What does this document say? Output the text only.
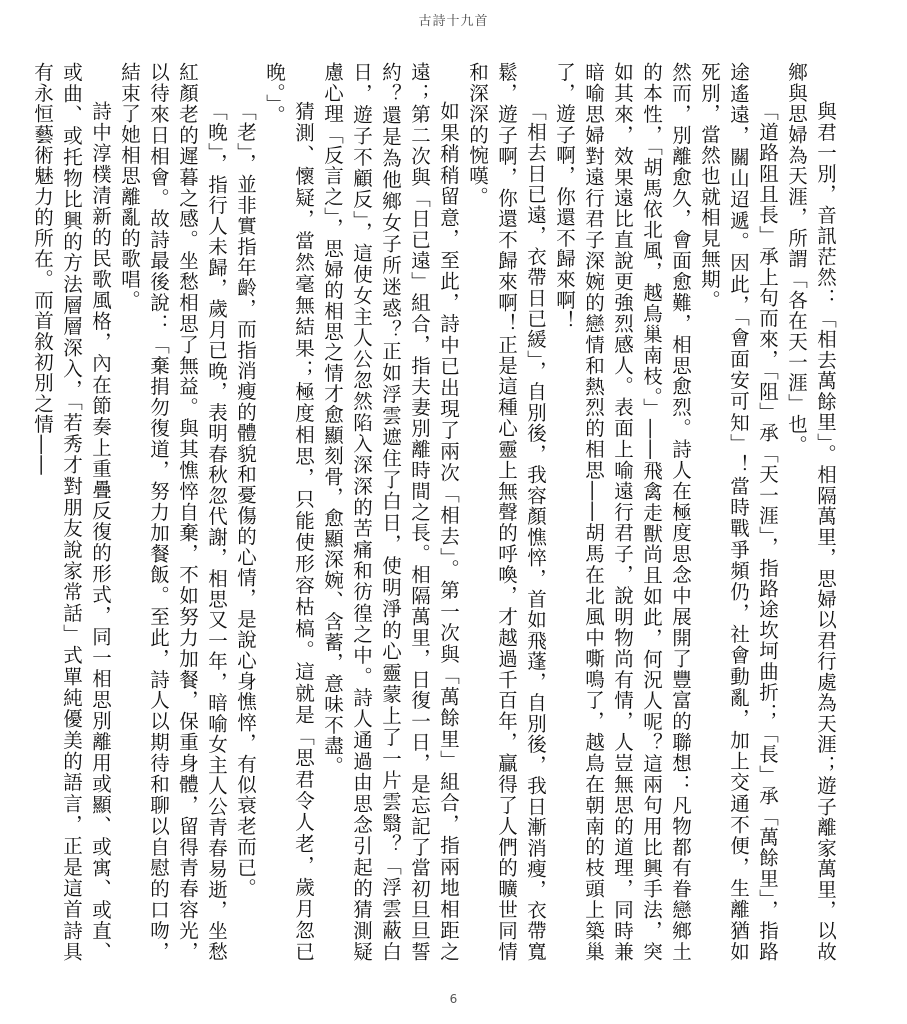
古詩十九首

與君一別，音訊茫然：「相去萬餘里」。相隔萬里，思婦以君行處為天涯；遊子離家萬里，以故鄉與思婦為天涯，所謂「各在天一涯」也。

「道路阻且長」承上句而來，「阻」承「天一涯」，指路途坎坷曲折；「長」承「萬餘里」，指路途遙遠，關山迢遞。因此，「會面安可知」！當時戰爭頻仍，社會動亂，加上交通不便，生離猶如死別，當然也就相見無期。

然而，別離愈久，會面愈難，相思愈烈。詩人在極度思念中展開了豐富的聯想：凡物都有眷戀鄉土的本性，「胡馬依北風，越鳥巢南枝。」――飛禽走獸尚且如此，何況人呢？這兩句用比興手法，突如其來，效果遠比直說更強烈感人。表面上喻遠行君子，說明物尚有情，人豈無思的道理，同時兼暗喻思婦對遠行君子深婉的戀情和熱烈的相思――胡馬在北風中嘶鳴了，越鳥在朝南的枝頭上築巢了，遊子啊，你還不歸來啊！

「相去日已遠，衣帶日已緩」，自別後，我容顏憔悴，首如飛蓬，自別後，我日漸消瘦，衣帶寬鬆，遊子啊，你還不歸來啊！正是這種心靈上無聲的呼喚，才越過千百年，贏得了人們的曠世同情和深深的惋嘆。

如果稍稍留意，至此，詩中已出現了兩次「相去」。第一次與「萬餘里」組合，指兩地相距之遠；第二次與「日已遠」組合，指夫妻別離時間之長。相隔萬里，日復一日，是忘記了當初旦旦誓約？還是為他鄉女子所迷惑？正如浮雲遮住了白日，使明淨的心靈蒙上了一片雲翳？「浮雲蔽白日，遊子不顧反」，這使女主人公忽然陷入深深的苦痛和彷徨之中。詩人通過由思念引起的猜測疑慮心理「反言之」，思婦的相思之情才愈顯刻骨，愈顯深婉、含蓄，意味不盡。

猜測、懷疑，當然毫無結果；極度相思，只能使形容枯槁。這就是「思君令人老，歲月忽已晚。」。

「老」，並非實指年齡，而指消瘦的體貌和憂傷的心情，是說心身憔悴，有似衰老而已。

「晚」，指行人未歸，歲月已晚，表明春秋忽代謝，相思又一年，暗喻女主人公青春易逝，坐愁紅顏老的遲暮之感。坐愁相思了無益。與其憔悴自棄，不如努力加餐，保重身體，留得青春容光，以待來日相會。故詩最後說：「棄捐勿復道，努力加餐飯。至此，詩人以期待和聊以自慰的口吻，結束了她相思離亂的歌唱。

詩中淳樸清新的民歌風格，內在節奏上重疊反復的形式，同一相思別離用或顯、或寓、或直、或曲、或托物比興的方法層層深入，「若秀才對朋友說家常話」式單純優美的語言，正是這首詩具有永恒藝術魅力的所在。而首敘初別之情――

6
